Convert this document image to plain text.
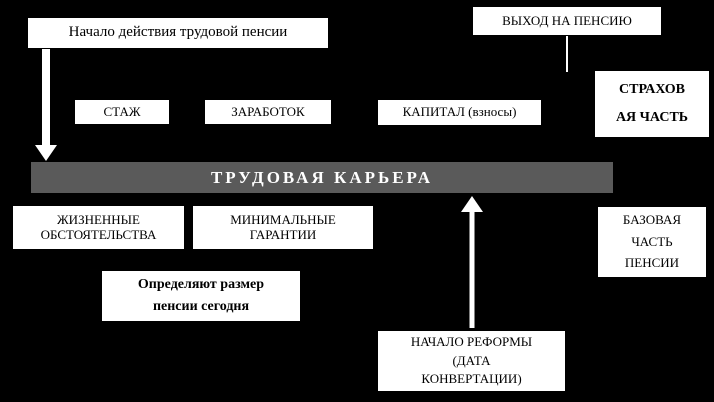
Начало действия трудовой пенсии
ВЫХОД НА ПЕНСИЮ
СТАЖ	ЗАРАБОТОК	КАПИТАЛ (взносы)
СТРАХОВ
АЯ ЧАСТЬ
ТРУДОВАЯ КАРЬЕРА
ЖИЗНЕННЫЕ
ОБСТОЯТЕЛЬСТВА
МИНИМАЛЬНЫЕ
ГАРАНТИИ
БАЗОВАЯ
ЧАСТЬ
ПЕНСИИ
Определяют размер
пенсии сегодня
НАЧАЛО РЕФОРМЫ
(ДАТА
КОНВЕРТАЦИИ)
